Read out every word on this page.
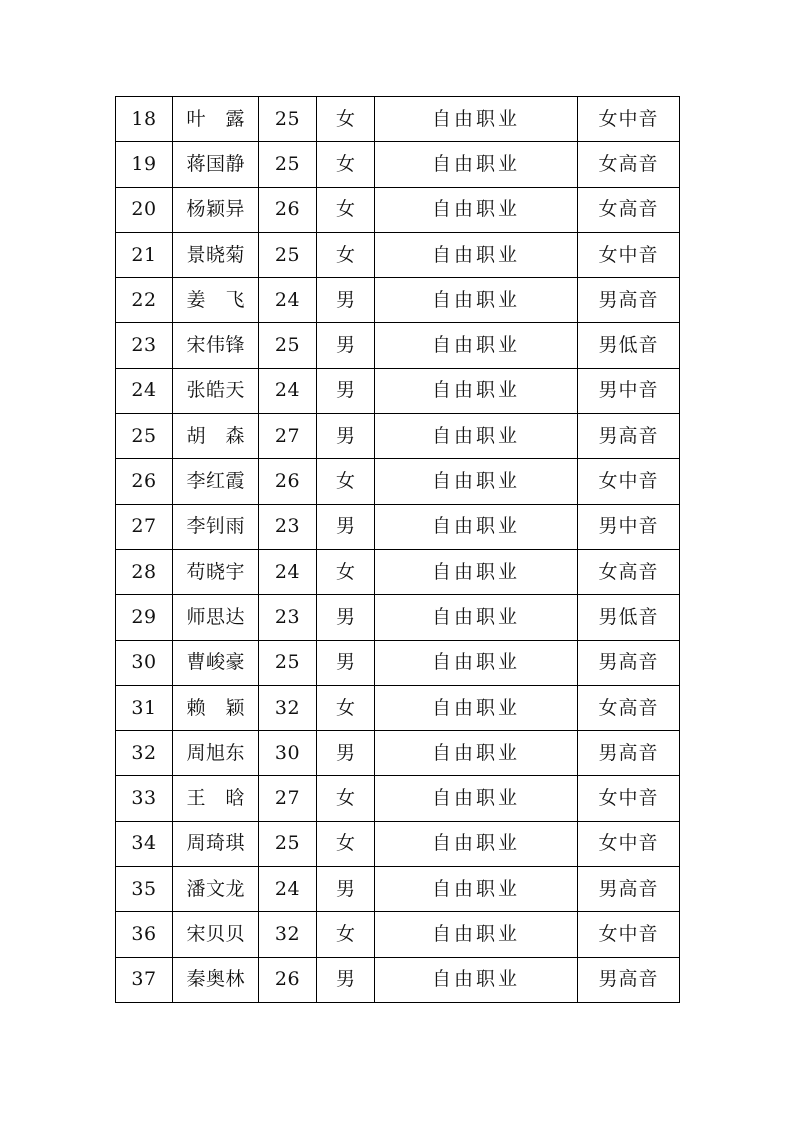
18	叶　露	25	女	自由职业	女中音
19	蒋国静	25	女	自由职业	女高音
20	杨颖异	26	女	自由职业	女高音
21	景晓菊	25	女	自由职业	女中音
22	姜　飞	24	男	自由职业	男高音
23	宋伟锋	25	男	自由职业	男低音
24	张皓天	24	男	自由职业	男中音
25	胡　森	27	男	自由职业	男高音
26	李红霞	26	女	自由职业	女中音
27	李钊雨	23	男	自由职业	男中音
28	苟晓宇	24	女	自由职业	女高音
29	师思达	23	男	自由职业	男低音
30	曹峻豪	25	男	自由职业	男高音
31	赖　颖	32	女	自由职业	女高音
32	周旭东	30	男	自由职业	男高音
33	王　晗	27	女	自由职业	女中音
34	周琦琪	25	女	自由职业	女中音
35	潘文龙	24	男	自由职业	男高音
36	宋贝贝	32	女	自由职业	女中音
37	秦奥林	26	男	自由职业	男高音
